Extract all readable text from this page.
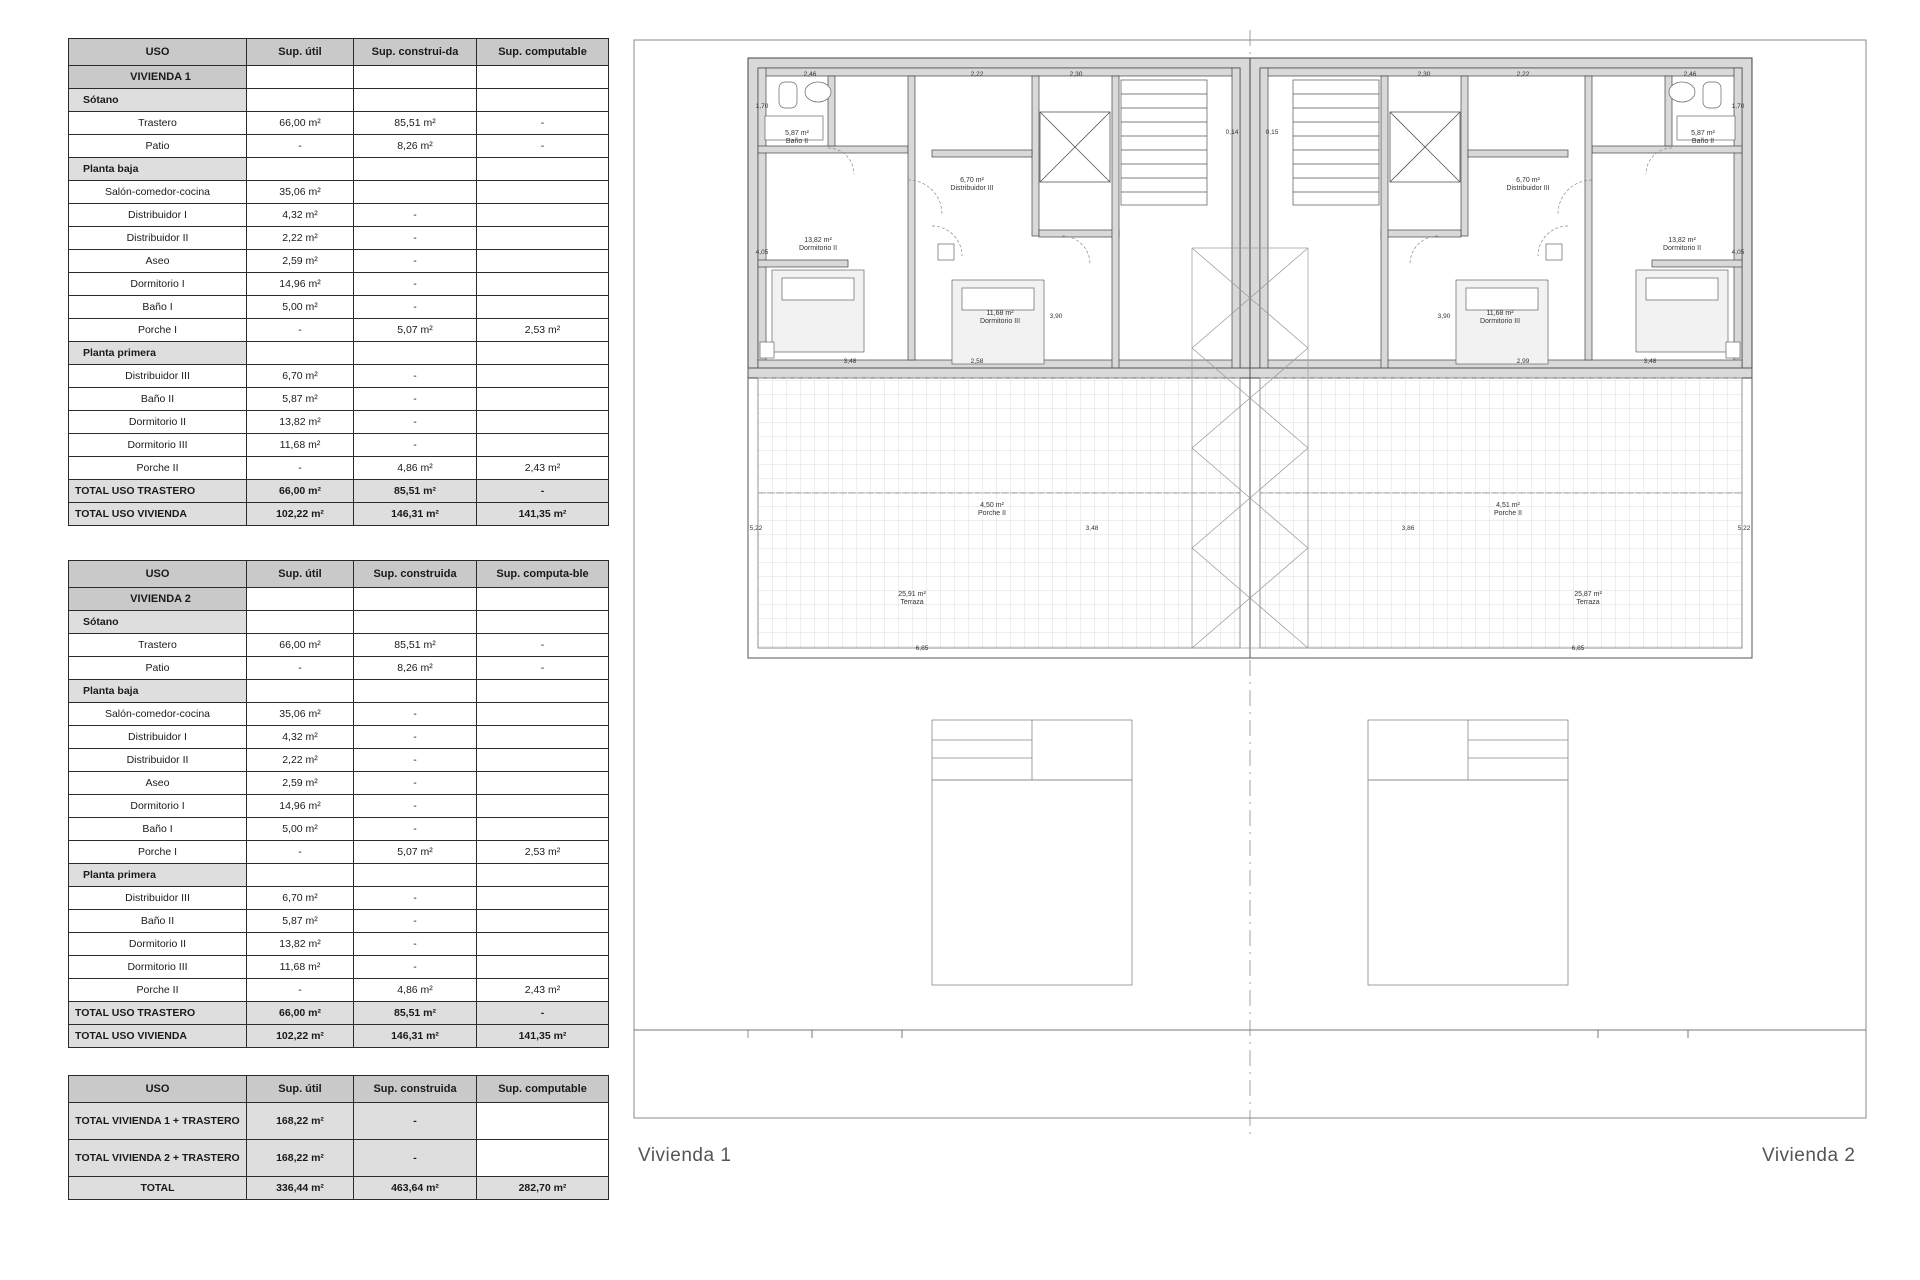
USO	Sup. útil	Sup. construi-da	Sup. computable
VIVIENDA 1			
Sótano			
Trastero	66,00 m²	85,51 m²	-
Patio	-	8,26 m²	-
Planta baja			
Salón-comedor-cocina	35,06 m²		
Distribuidor I	4,32 m²	-	
Distribuidor II	2,22 m²	-	
Aseo	2,59 m²	-	
Dormitorio I	14,96 m²	-	
Baño I	5,00 m²	-	
Porche I	-	5,07 m²	2,53 m²
Planta primera			
Distribuidor III	6,70 m²	-	
Baño II	5,87 m²	-	
Dormitorio II	13,82 m²	-	
Dormitorio III	11,68 m²	-	
Porche II	-	4,86 m²	2,43 m²
TOTAL USO TRASTERO	66,00 m²	85,51 m²	-
TOTAL USO VIVIENDA	102,22 m²	146,31 m²	141,35 m²
USO	Sup. útil	Sup. construida	Sup. computa-ble
VIVIENDA 2			
Sótano			
Trastero	66,00 m²	85,51 m²	-
Patio	-	8,26 m²	-
Planta baja			
Salón-comedor-cocina	35,06 m²	-	
Distribuidor I	4,32 m²	-	
Distribuidor II	2,22 m²	-	
Aseo	2,59 m²	-	
Dormitorio I	14,96 m²	-	
Baño I	5,00 m²	-	
Porche I	-	5,07 m²	2,53 m²
Planta primera			
Distribuidor III	6,70 m²	-	
Baño II	5,87 m²	-	
Dormitorio II	13,82 m²	-	
Dormitorio III	11,68 m²	-	
Porche II	-	4,86 m²	2,43 m²
TOTAL USO TRASTERO	66,00 m²	85,51 m²	-
TOTAL USO VIVIENDA	102,22 m²	146,31 m²	141,35 m²
USO	Sup. útil	Sup. construida	Sup. computable
TOTAL VIVIENDA 1 + TRASTERO	168,22 m²	-	
TOTAL VIVIENDA 2 + TRASTERO	168,22 m²	-	
TOTAL	336,44 m²	463,64 m²	282,70 m²
5,87 m²
Baño II
6,70 m²
Distribuidor III
13,82 m²
Dormitorio II
11,68 m²
Dormitorio III
4,50 m²
Porche II
25,91 m²
Terraza
5,87 m²
Baño II
6,70 m²
Distribuidor III
13,82 m²
Dormitorio II
11,68 m²
Dormitorio III
4,51 m²
Porche II
25,87 m²
Terraza
2,46	2,22	2,30
1,70
4,05
3,48	2,58
3,90
5,22	3,48
6,85
2,46
2,22
2,30
1,70
4,05
3,48
2,99
3,90
5,22
3,86
6,85
0,14	0,15
Vivienda 1	Vivienda 2
